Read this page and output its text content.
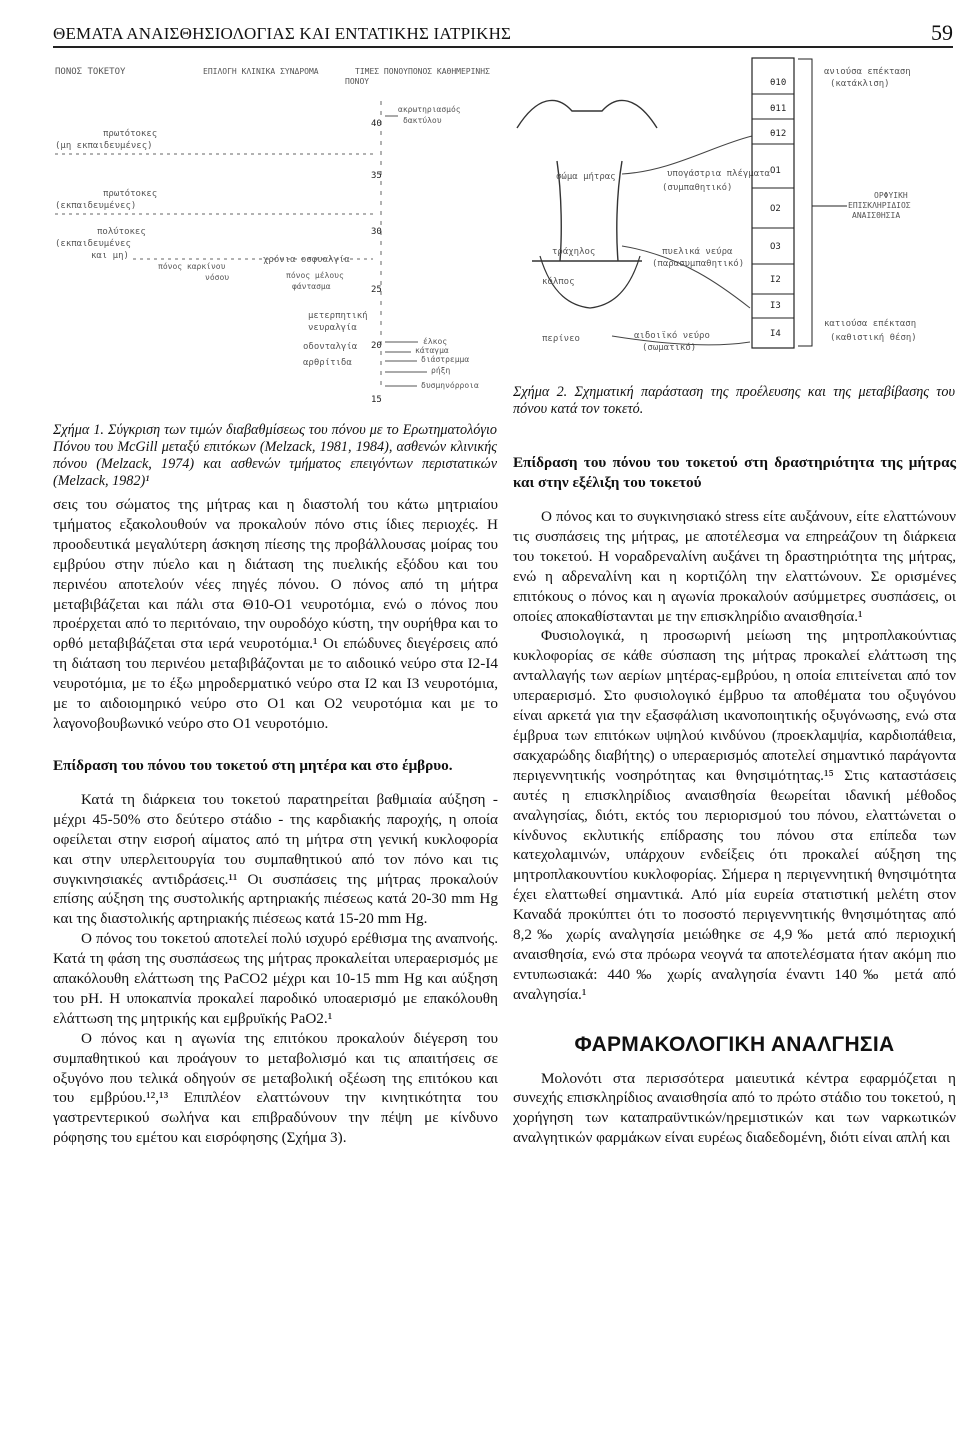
ΘΕΜΑΤΑ ΑΝΑΙΣΘΗΣΙΟΛΟΓΙΑΣ ΚΑΙ ΕΝΤΑΤΙΚΗΣ ΙΑΤΡΙΚΗΣ	59
ΠΟΝΟΣ ΤΟΚΕΤΟΥ	ΕΠΙΛΟΓΗ ΚΛΙΝΙΚΑ ΣΥΝΔΡΟΜΑ	ΤΙΜΕΣ ΠΟΝΟΥ ΠΟΝΟΣ ΚΑΘΗΜΕΡΙΝΗΣ
ΠΟΝΟΥ
40
35
30
25
20
15
πρωτότοκες
(μη εκπαιδευμένες)
πρωτότοκες
(εκπαιδευμένες)
πολύτοκες
(εκπαιδευμένες
και μη)
πόνος καρκίνου
νόσου
χρόνια οσφυαλγία
πόνος μέλους
φάντασμα
μετερπητική
νευραλγία
οδονταλγία
αρθρίτιδα
ακρωτηριασμός
δακτύλου
έλκος
κάταγμα
διάστρεμμα
ρήξη
δυσμηνόρροια
σώμα μήτρας
τράχηλος
κόλπος
περίνεο
υπογάστρια πλέγματα
(συμπαθητικό)
πυελικά νεύρα
(παρασυμπαθητικό)
αιδοιϊκό νεύρο
(σωματικό)
θ10
θ11
θ12
Ο1
Ο2
Ο3
Ι2
Ι3
Ι4
ανιούσα επέκταση
(κατάκλιση)
ΟΡΦΥΙΚΗ
ΕΠΙΣΚΛΗΡΙΔΙΟΣ
ΑΝΑΙΣΘΗΣΙΑ
κατιούσα επέκταση
(καθιστική θέση)

Σχήμα 1. Σύγκριση των τιμών διαβαθμίσεως του πόνου με το Ερωτηματολόγιο Πόνου του McGill μεταξύ επιτόκων (Melzack, 1981, 1984), ασθενών κλινικής πόνου (Melzack, 1974) και ασθενών τμήματος επειγόντων περιστατικών (Melzack, 1982)¹

Σχήμα 2. Σχηματική παράσταση της προέλευσης και της μεταβίβασης του πόνου κατά τον τοκετό.

σεις του σώματος της μήτρας και η διαστολή του κάτω μητριαίου τμήματος εξακολουθούν να προκαλούν πόνο στις ίδιες περιοχές. Η προοδευτικά μεγαλύτερη άσκηση πίεσης της προβάλλουσας μοίρας του εμβρύου στην πύελο και η διάταση της πυελικής εξόδου και του περινέου αποτελούν νέες πηγές πόνου. Ο πόνος από τη μήτρα μεταβιβάζεται και πάλι στα Θ10-Ο1 νευροτόμια, ενώ ο πόνος που προέρχεται από το περιτόναιο, την ουροδόχο κύστη, την ουρήθρα και το ορθό μεταβιβάζεται στα ιερά νευροτόμια.¹ Οι επώδυνες διεγέρσεις από τη διάταση του περινέου μεταβιβάζονται με το αιδοιικό νεύρο στα Ι2-Ι4 νευροτόμια, με το έξω μηροδερματικό νεύρο στα Ι2 και Ι3 νευροτόμια, με το αιδοιομηρικό νεύρο στο Ο1 και Ο2 νευροτόμια και με το λαγονοβουβωνικό νεύρο στο Ο1 νευροτόμιο.

Επίδραση του πόνου του τοκετού στη μητέρα και στο έμβρυο.

Κατά τη διάρκεια του τοκετού παρατηρείται βαθμιαία αύξηση - μέχρι 45-50% στο δεύτερο στάδιο - της καρδιακής παροχής, η οποία οφείλεται στην εισροή αίματος από τη μήτρα στη γενική κυκλοφορία και στην υπερλειτουργία του συμπαθητικού από τον πόνο και τις συγκινησιακές αντιδράσεις.¹¹ Οι συσπάσεις της μήτρας προκαλούν επίσης αύξηση της συστολικής αρτηριακής πιέσεως κατά 20-30 mm Hg και της διαστολικής αρτηριακής πιέσεως κατά 15-20 mm Hg.

Ο πόνος του τοκετού αποτελεί πολύ ισχυρό ερέθισμα της αναπνοής. Κατά τη φάση της συσπάσεως της μήτρας προκαλείται υπεραερισμός με απακόλουθη ελάττωση της PaCO2 μέχρι και 10-15 mm Hg και αύξηση του pH. Η υποκαπνία προκαλεί παροδικό υποαερισμό με επακόλουθη ελάττωση της μητρικής και εμβρυϊκής PaO2.¹

Ο πόνος και η αγωνία της επιτόκου προκαλούν διέγερση του συμπαθητικού και προάγουν το μεταβολισμό και τις απαιτήσεις σε οξυγόνο που τελικά οδηγούν σε μεταβολική οξέωση της επιτόκου και του εμβρύου.¹²,¹³ Επιπλέον ελαττώνουν την κινητικότητα του γαστρεντερικού σωλήνα και επιβραδύνουν την πέψη με κίνδυνο ρόφησης του εμέτου και εισρόφησης (Σχήμα 3).

Επίδραση του πόνου του τοκετού στη δραστηριότητα της μήτρας και στην εξέλιξη του τοκετού

Ο πόνος και το συγκινησιακό stress είτε αυξάνουν, είτε ελαττώνουν τις συσπάσεις της μήτρας, με αποτέλεσμα να επηρεάζουν τη διάρκεια του τοκετού. Η νοραδρεναλίνη αυξάνει τη δραστηριότητα της μήτρας, ενώ η αδρεναλίνη και η κορτιζόλη την ελαττώνουν. Σε ορισμένες επιτόκους ο πόνος και η αγωνία προκαλούν ασύμμετρες συσπάσεις, οι οποίες αποκαθίστανται με την επισκληρίδιο αναισθησία.¹

Φυσιολογικά, η προσωρινή μείωση της μητροπλακούντιας κυκλοφορίας σε κάθε σύσπαση της μήτρας προκαλεί ελάττωση της ανταλλαγής των αερίων μητέρας-εμβρύου, η οποία επιτείνεται από τον υπεραερισμό. Στο φυσιολογικό έμβρυο τα αποθέματα του οξυγόνου είναι αρκετά για την εξασφάλιση ικανοποιητικής οξυγόνωσης, ενώ στα έμβρυα των επιτόκων υψηλού κινδύνου (προεκλαμψία, καρδιοπάθεια, σακχαρώδης διαβήτης) ο υπεραερισμός αποτελεί σημαντικό παράγοντα περιγεννητικής νοσηρότητας και θνησιμότητας.¹⁵ Στις καταστάσεις αυτές η επισκληρίδιος αναισθησία θεωρείται ιδανική μέθοδος αναλγησίας, διότι, εκτός του περιορισμού του πόνου, ελαττώνεται ο κίνδυνος εκλυτικής επίδρασης του πόνου στα επίπεδα των κατεχολαμινών, υπάρχουν ενδείξεις ότι προκαλεί αύξηση της μητροπλακουντίου κυκλοφορίας. Σήμερα η περιγεννητική θνησιμότητα έχει ελαττωθεί σημαντικά. Από μία ευρεία στατιστική μελέτη στον Καναδά προκύπτει ότι το ποσοστό περιγεννητικής θνησιμότητας από 8,2‰ χωρίς αναλγησία μειώθηκε σε 4,9‰ μετά από περιοχική αναισθησία, ενώ στα πρόωρα νεογνά τα αποτελέσματα ήταν ακόμη πιο εντυπωσιακά: 440‰ χωρίς αναλγησία έναντι 140‰ μετά από αναλγησία.¹

ΦΑΡΜΑΚΟΛΟΓΙΚΗ ΑΝΑΛΓΗΣΙΑ

Μολονότι στα περισσότερα μαιευτικά κέντρα εφαρμόζεται η συνεχής επισκληρίδιος αναισθησία από το πρώτο στάδιο του τοκετού, η χορήγηση των καταπραϋντικών/ηρεμιστικών και των ναρκωτικών αναλγητικών φαρμάκων είναι ευρέως διαδεδομένη, διότι είναι απλή και
